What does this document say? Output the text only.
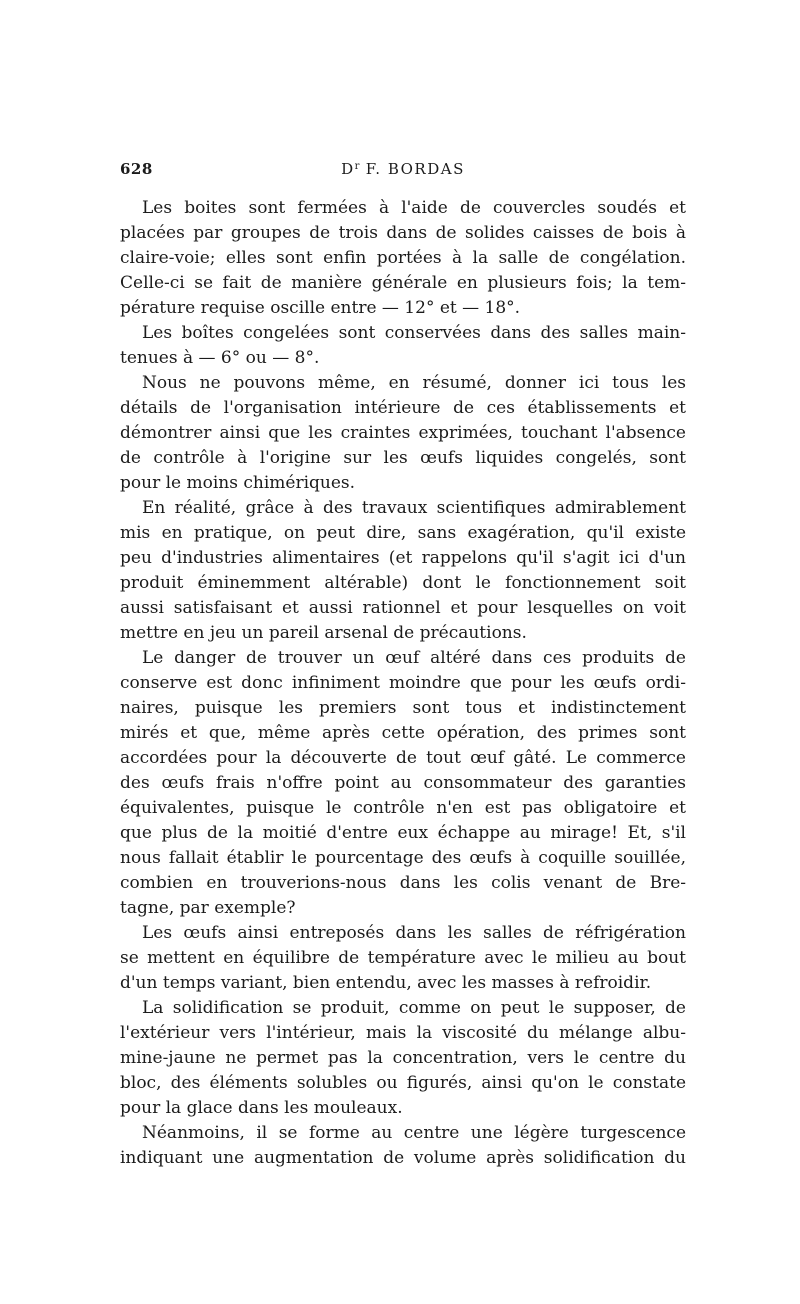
628	$D^r$ F. BORDAS
Les boites sont fermées à l'aide de couvercles soudés et
placées par groupes de trois dans de solides caisses de bois à
claire-voie; elles sont enfin portées à la salle de congélation.
Celle-ci se fait de manière générale en plusieurs fois; la tem-
pérature requise oscille entre — 12° et — 18°.
Les boîtes congelées sont conservées dans des salles main-
tenues à — 6° ou — 8°.
Nous ne pouvons même, en résumé, donner ici tous les
détails de l'organisation intérieure de ces établissements et
démontrer ainsi que les craintes exprimées, touchant l'absence
de contrôle à l'origine sur les œufs liquides congelés, sont
pour le moins chimériques.
En réalité, grâce à des travaux scientifiques admirablement
mis en pratique, on peut dire, sans exagération, qu'il existe
peu d'industries alimentaires (et rappelons qu'il s'agit ici d'un
produit éminemment altérable) dont le fonctionnement soit
aussi satisfaisant et aussi rationnel et pour lesquelles on voit
mettre en jeu un pareil arsenal de précautions.
Le danger de trouver un œuf altéré dans ces produits de
conserve est donc infiniment moindre que pour les œufs ordi-
naires, puisque les premiers sont tous et indistinctement
mirés et que, même après cette opération, des primes sont
accordées pour la découverte de tout œuf gâté. Le commerce
des œufs frais n'offre point au consommateur des garanties
équivalentes, puisque le contrôle n'en est pas obligatoire et
que plus de la moitié d'entre eux échappe au mirage! Et, s'il
nous fallait établir le pourcentage des œufs à coquille souillée,
combien en trouverions-nous dans les colis venant de Bre-
tagne, par exemple?
Les œufs ainsi entreposés dans les salles de réfrigération
se mettent en équilibre de température avec le milieu au bout
d'un temps variant, bien entendu, avec les masses à refroidir.
La solidification se produit, comme on peut le supposer, de
l'extérieur vers l'intérieur, mais la viscosité du mélange albu-
mine-jaune ne permet pas la concentration, vers le centre du
bloc, des éléments solubles ou figurés, ainsi qu'on le constate
pour la glace dans les mouleaux.
Néanmoins, il se forme au centre une légère turgescence
indiquant une augmentation de volume après solidification du
